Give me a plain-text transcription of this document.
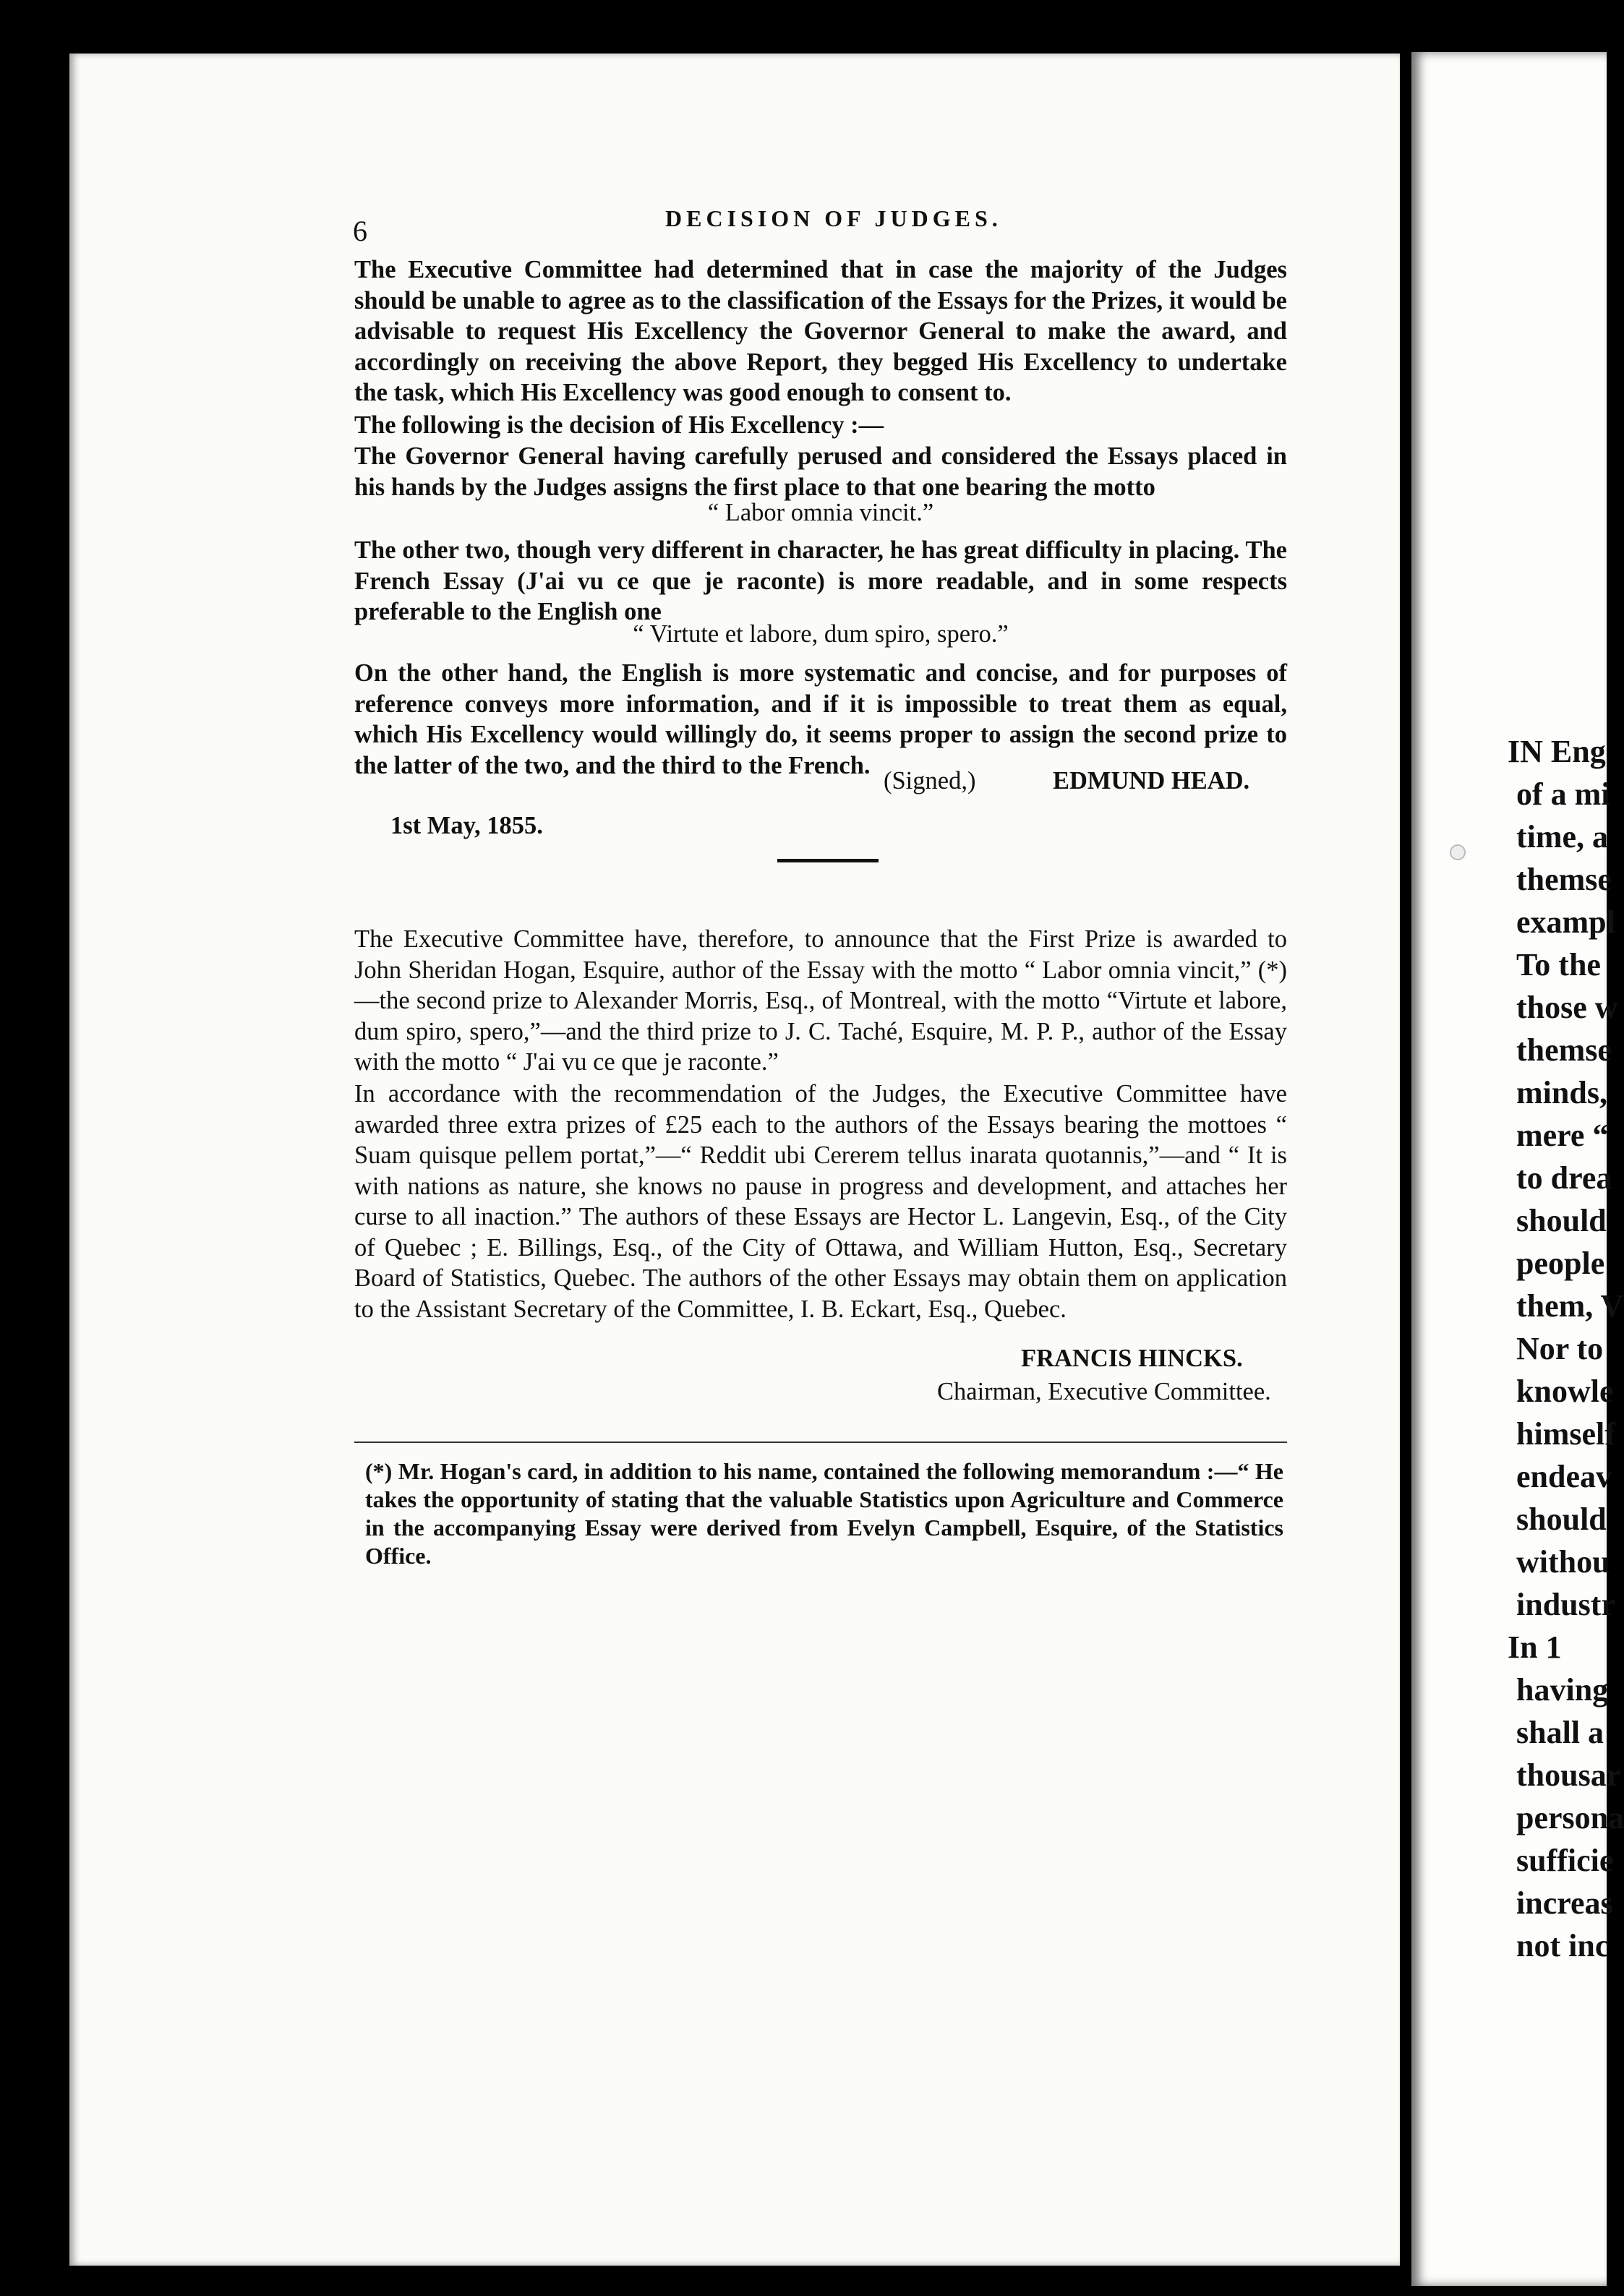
6	DECISION OF JUDGES.
The Executive Committee had determined that in case the majority of the Judges should be unable to agree as to the classification of the Essays for the Prizes, it would be advisable to request His Excellency the Governor General to make the award, and accordingly on receiving the above Report, they begged His Excellency to undertake the task, which His Excellency was good enough to consent to.
The following is the decision of His Excellency :—
The Governor General having carefully perused and considered the Essays placed in his hands by the Judges assigns the first place to that one bearing the motto
“ Labor omnia vincit.”
The other two, though very different in character, he has great difficulty in placing. The French Essay (J'ai vu ce que je raconte) is more readable, and in some respects preferable to the English one
“ Virtute et labore, dum spiro, spero.”
On the other hand, the English is more systematic and concise, and for purposes of reference conveys more information, and if it is impossible to treat them as equal, which His Excellency would willingly do, it seems proper to assign the second prize to the latter of the two, and the third to the French.
(Signed,)	EDMUND HEAD.
1st May, 1855.
The Executive Committee have, therefore, to announce that the First Prize is awarded to John Sheridan Hogan, Esquire, author of the Essay with the motto “ Labor omnia vincit,” (*)—the second prize to Alexander Morris, Esq., of Montreal, with the motto “Virtute et labore, dum spiro, spero,”—and the third prize to J. C. Taché, Esquire, M. P. P., author of the Essay with the motto “ J'ai vu ce que je raconte.”
In accordance with the recommendation of the Judges, the Executive Committee have awarded three extra prizes of £25 each to the authors of the Essays bearing the mottoes “ Suam quisque pellem portat,”—“ Reddit ubi Cererem tellus inarata quotannis,”—and “ It is with nations as nature, she knows no pause in progress and development, and attaches her curse to all inaction.” The authors of these Essays are Hector L. Langevin, Esq., of the City of Quebec ; E. Billings, Esq., of the City of Ottawa, and William Hutton, Esq., Secretary Board of Statistics, Quebec. The authors of the other Essays may obtain them on application to the Assistant Secretary of the Committee, I. B. Eckart, Esq., Quebec.
FRANCIS HINCKS.
Chairman, Executive Committee.
(*) Mr. Hogan's card, in addition to his name, contained the following memorandum :—“ He takes the opportunity of stating that the valuable Statistics upon Agriculture and Commerce in the accompanying Essay were derived from Evelyn Campbell, Esquire, of the Statistics Office.
IN Eng
of a mi
time, a
themse
exampl
To the
those w
themse
minds,
mere “
to drea
should
people
them, V
Nor to
knowle
himself
endeav
should
withou
industr
In 1
having
shall a
thousar
persona
sufficie
increas
not inc
